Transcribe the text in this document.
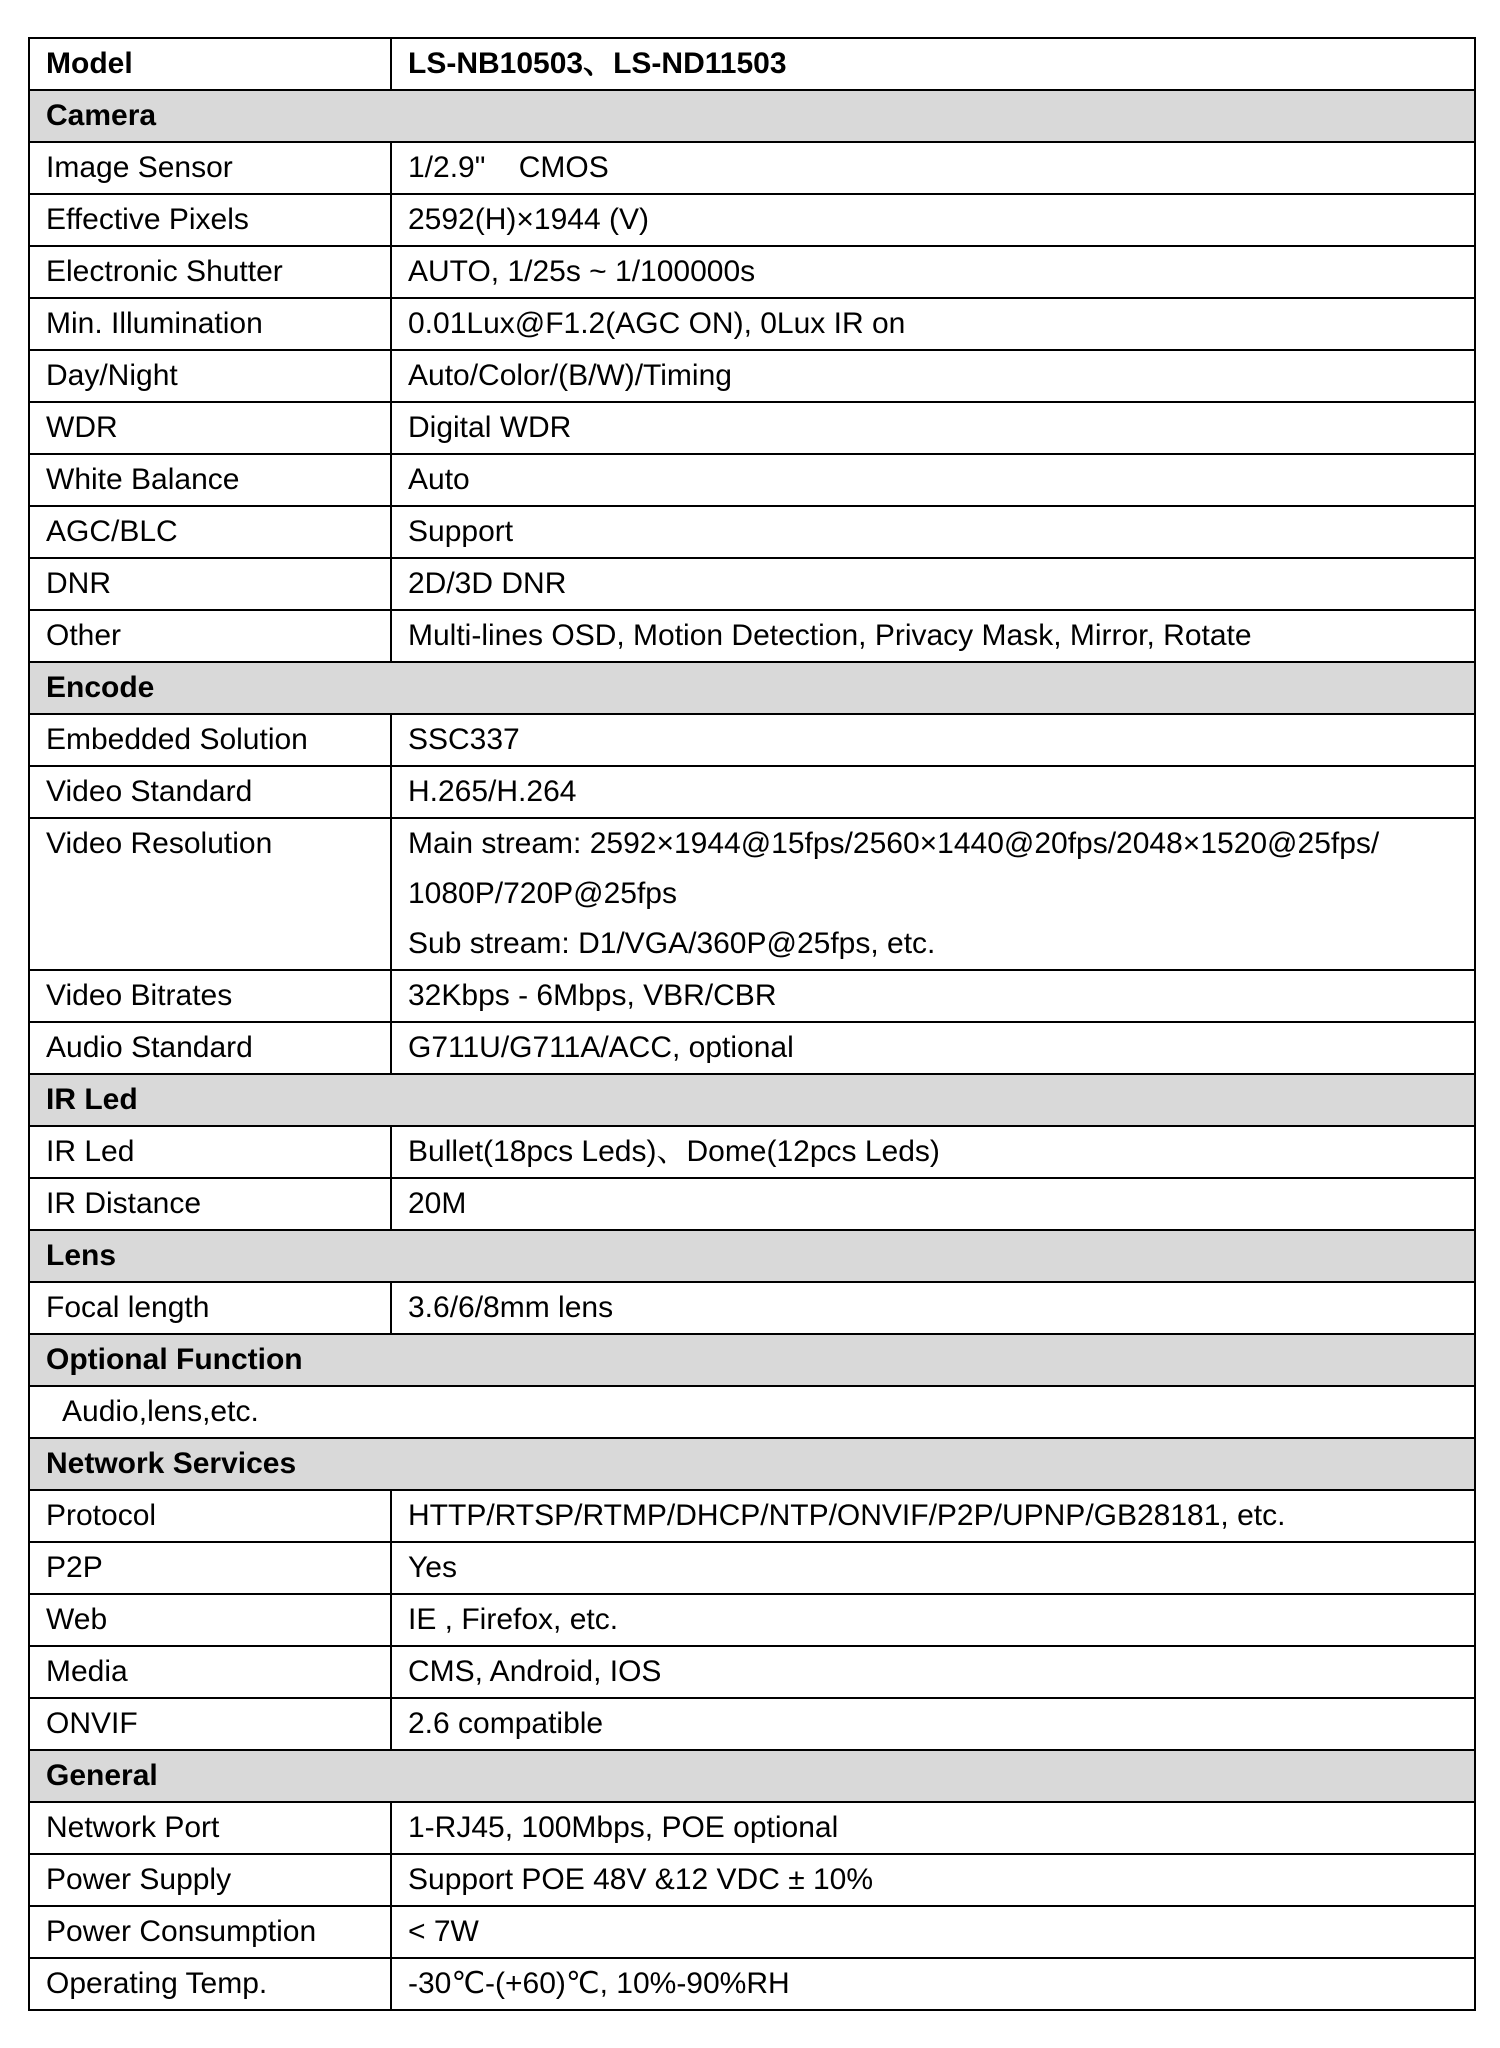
Model	LS-NB10503、LS-ND11503
Camera	
Image Sensor	1/2.9"    CMOS
Effective Pixels	2592(H)×1944 (V)
Electronic Shutter	AUTO, 1/25s ~ 1/100000s
Min. Illumination	0.01Lux@F1.2(AGC ON), 0Lux IR on
Day/Night	Auto/Color/(B/W)/Timing
WDR	Digital WDR
White Balance	Auto
AGC/BLC	Support
DNR	2D/3D DNR
Other	Multi-lines OSD, Motion Detection, Privacy Mask, Mirror, Rotate
Encode	
Embedded Solution	SSC337
Video Standard	H.265/H.264
Video Resolution	Main stream: 2592×1944@15fps/2560×1440@20fps/2048×1520@25fps/
1080P/720P@25fps
Sub stream: D1/VGA/360P@25fps, etc.

Video Bitrates	32Kbps - 6Mbps, VBR/CBR
Audio Standard	G711U/G711A/ACC, optional
IR Led	
IR Led	Bullet(18pcs Leds)、Dome(12pcs Leds)
IR Distance	20M
Lens	
Focal length	3.6/6/8mm lens
Optional Function	
Audio,lens,etc.	
Network Services	
Protocol	HTTP/RTSP/RTMP/DHCP/NTP/ONVIF/P2P/UPNP/GB28181, etc.
P2P	Yes
Web	IE , Firefox, etc.
Media	CMS, Android, IOS
ONVIF	2.6 compatible
General	
Network Port	1-RJ45, 100Mbps, POE optional
Power Supply	Support POE 48V &12 VDC ± 10%
Power Consumption	< 7W
Operating Temp.	-30℃-(+60)℃, 10%-90%RH
